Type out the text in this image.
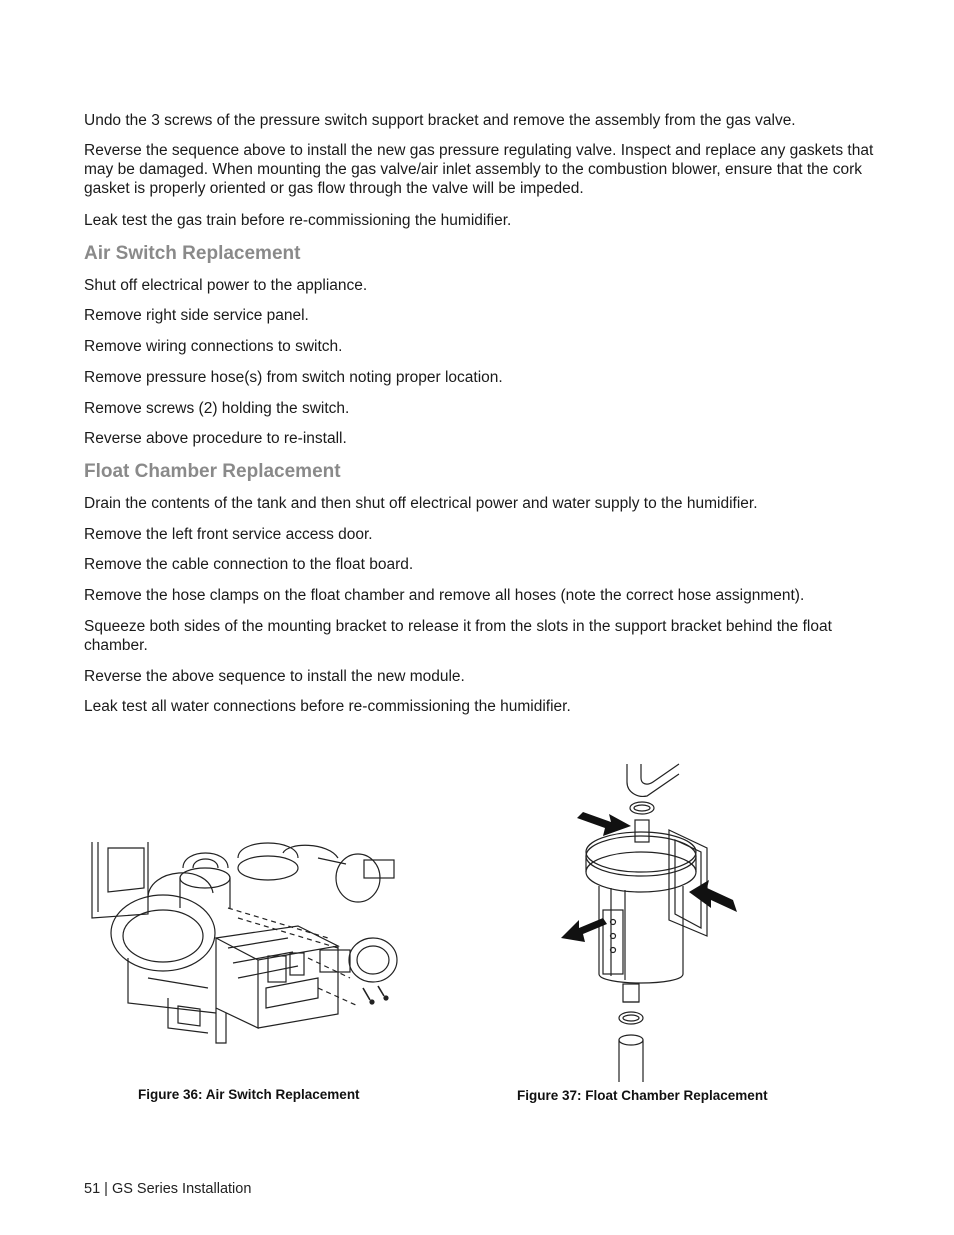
Undo the 3 screws of the pressure switch support bracket and remove the assembly from the gas valve.

Reverse the sequence above to install the new gas pressure regulating valve. Inspect and replace any gaskets that may be damaged. When mounting the gas valve/air inlet assembly to the combustion blower, ensure that the cork gasket is properly oriented or gas flow through the valve will be impeded.

Leak test the gas train before re-commissioning the humidifier.

Air Switch Replacement

Shut off electrical power to the appliance.

Remove right side service panel.

Remove wiring connections to switch.

Remove pressure hose(s) from switch noting proper location.

Remove screws (2) holding the switch.

Reverse above procedure to re-install.

Float Chamber Replacement

Drain the contents of the tank and then shut off electrical power and water supply to the humidifier.

Remove the left front service access door.

Remove the cable connection to the float board.

Remove the hose clamps on the float chamber and remove all hoses (note the correct hose assignment).

Squeeze both sides of the mounting bracket to release it from the slots in the support bracket behind the float chamber.

Reverse the above sequence to install the new module.

Leak test all water connections before re-commissioning the humidifier.

Figure 36: Air Switch Replacement	Figure 37: Float Chamber Replacement
51 | GS Series Installation
